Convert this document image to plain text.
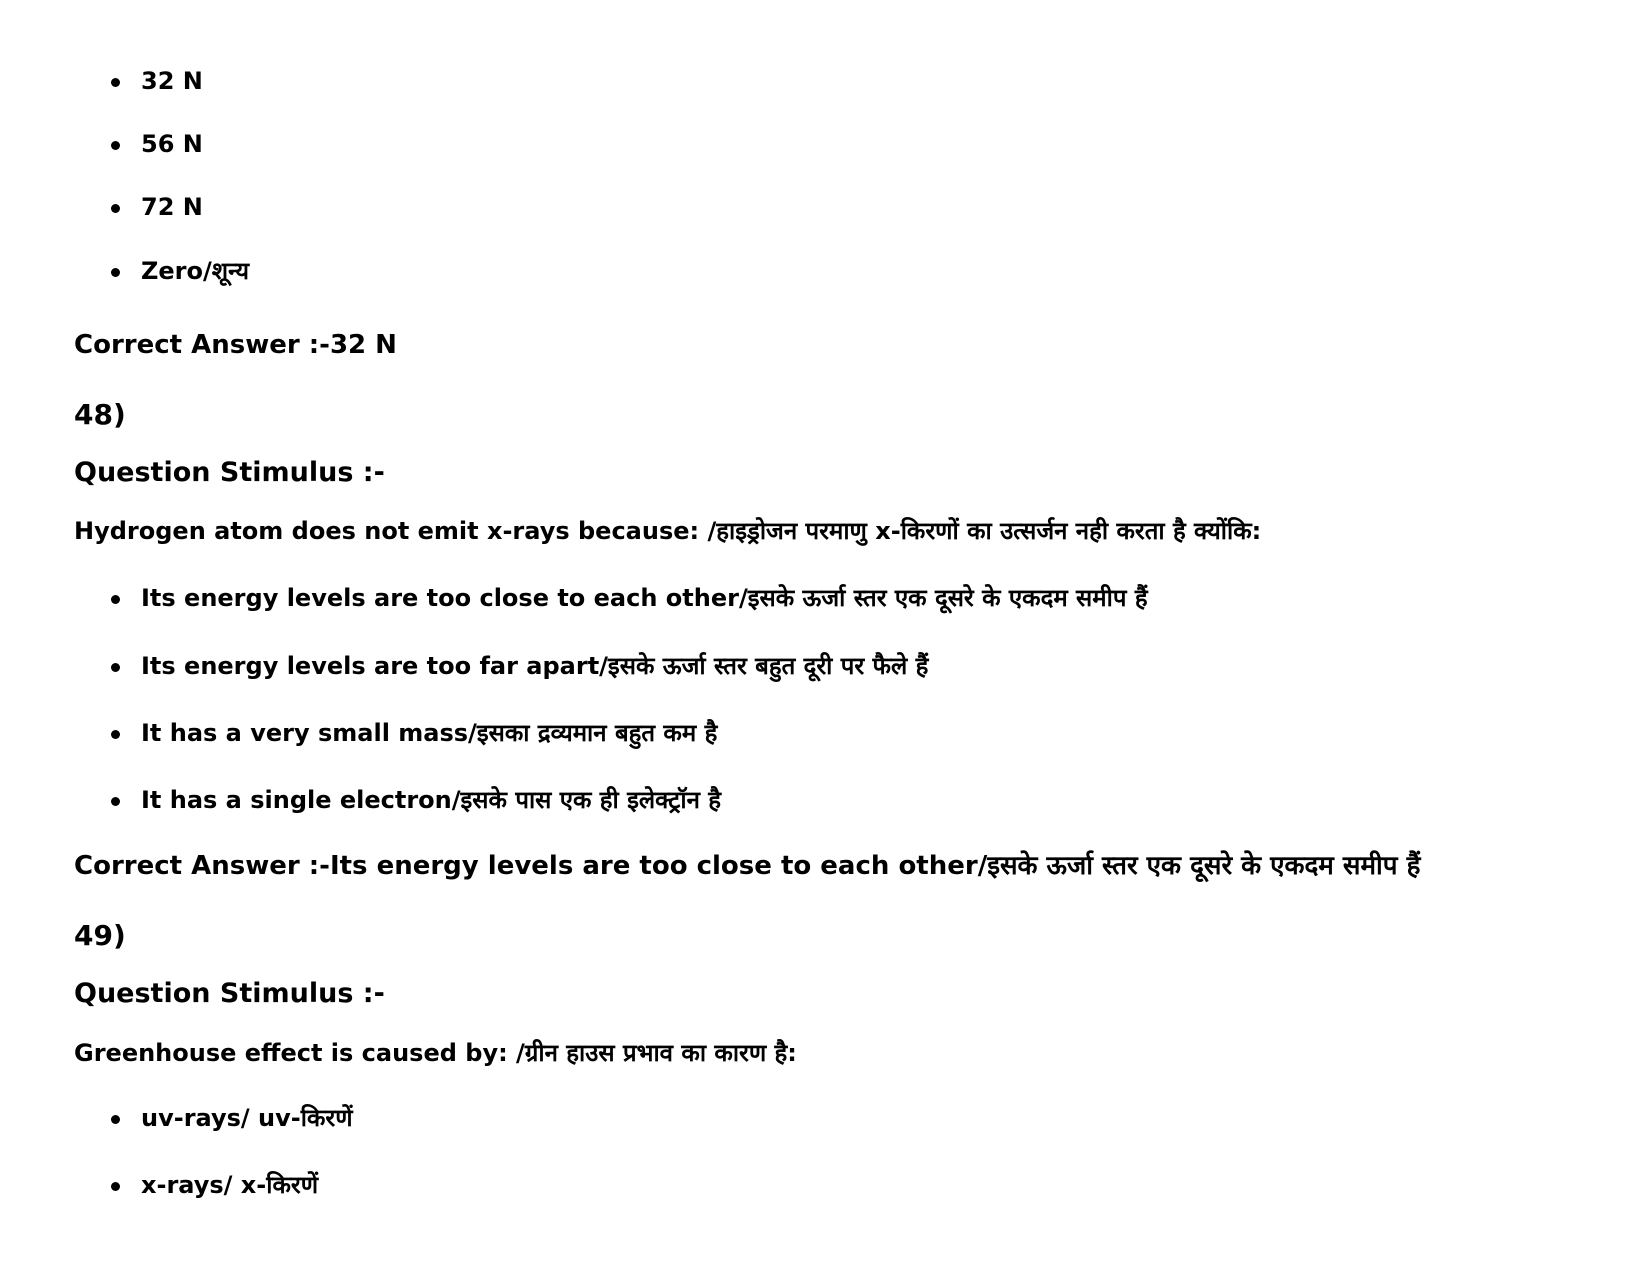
32 N
56 N
72 N
Zero/शून्य
Correct Answer :-32 N
48)
Question Stimulus :-
Hydrogen atom does not emit x-rays because: /हाइड्रोजन परमाणु x-किरणों का उत्सर्जन नही करता है क्योंकि:
Its energy levels are too close to each other/इसके ऊर्जा स्तर एक दूसरे के एकदम समीप हैं
Its energy levels are too far apart/इसके ऊर्जा स्तर बहुत दूरी पर फैले हैं
It has a very small mass/इसका द्रव्यमान बहुत कम है
It has a single electron/इसके पास एक ही इलेक्ट्रॉन है
Correct Answer :-Its energy levels are too close to each other/इसके ऊर्जा स्तर एक दूसरे के एकदम समीप हैं
49)
Question Stimulus :-
Greenhouse effect is caused by: /ग्रीन हाउस प्रभाव का कारण है:
uv-rays/ uv-किरणें
x-rays/ x-किरणें
